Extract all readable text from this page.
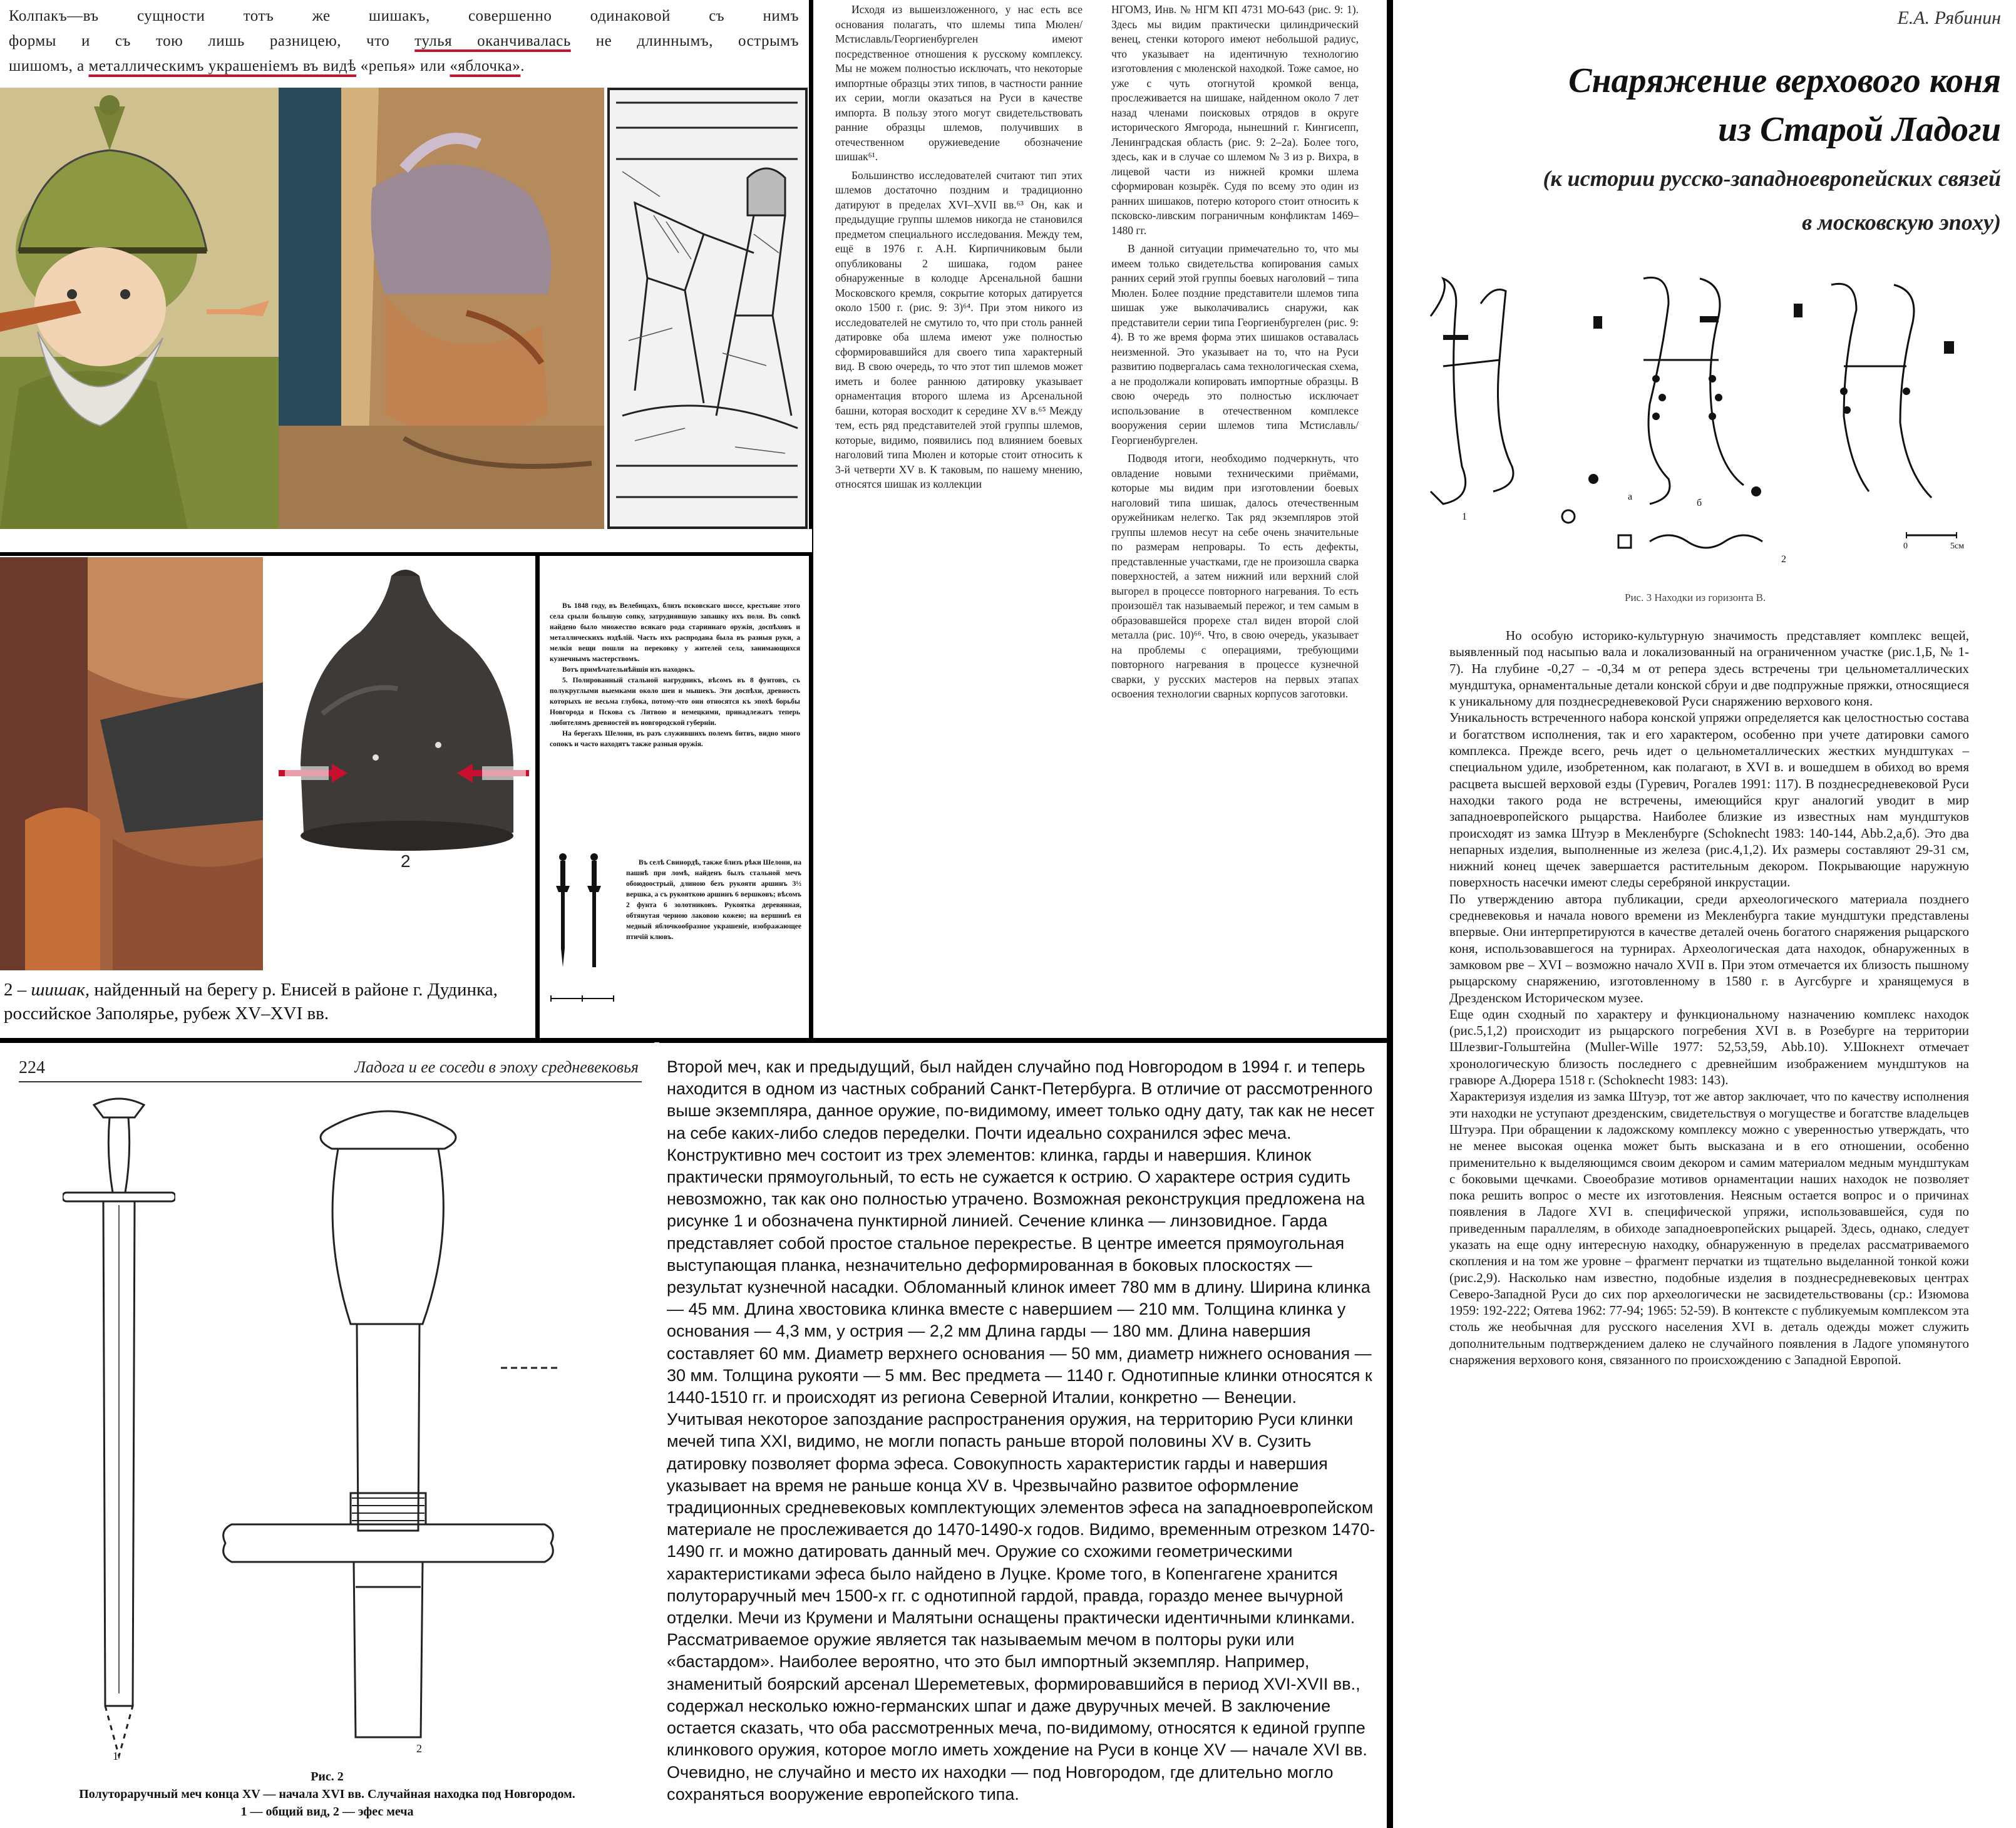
Колпакъ—въ сущности тотъ же шишакъ, совершенно одинаковой съ нимъ
формы и съ тою лишь разницею, что тулья оканчивалась не длиннымъ, острымъ
шишомъ, а металлическимъ украшеніемъ въ видѣ «репья» или «яблочка».
2
2 – шишак, найденный на берегу р. Енисей в районе г. Дудинка, российское Заполярье, рубеж XV–XVI вв.

Въ 1848 году, въ Велебицахъ, близъ псковскаго шоссе, крестьяне этого села срыли большую сопку, затруднявшую запашку ихъ поля. Въ сопкѣ найдено было множество всякаго рода стариннаго оружія, доспѣховъ и металлическихъ издѣлій. Часть ихъ распродана была въ разныя руки, а мелкія вещи пошли на перековку у жителей села, занимающихся кузнечнымъ мастерствомъ.

Вотъ примѣчательнѣйшія изъ находокъ.

5. Полированный стальной нагрудникъ, вѣсомъ въ 8 фунтовъ, съ полукруглыми выемками около шеи и мышекъ. Эти доспѣхи, древность которыхъ не весьма глубока, потому-что они относятся къ эпохѣ борьбы Новгорода и Пскова съ Литвою и немецкими, принадлежатъ теперь любителямъ древностей въ новгородской губерніи.

На берегахъ Шелони, въ разъ служившихъ полемъ битвъ, видно много сопокъ и часто находятъ также разныя оружія.

Въ селѣ Свинордѣ, также близъ рѣки Шелони, на пашнѣ при ломѣ, найденъ былъ стальной мечъ обоюдоострый, длиною безъ рукояти аршинъ 3½ вершка, а съ рукояткою аршинъ 6 вершковъ; вѣсомъ 2 фунта 6 золотниковъ. Рукоятка деревянная, обтянутая черною лаковою кожею; на вершинѣ ея медный яблочкообразное украшеніе, изображающее птичій клювъ.

Исходя из вышеизложенного, у нас есть все основания полагать, что шлемы типа Мюлен/Мстиславль/Георгиенбургелен имеют посредственное отношения к русскому комплексу. Мы не можем полностью исключать, что некоторые импортные образцы этих типов, в частности ранние их серии, могли оказаться на Руси в качестве импорта. В пользу этого могут свидетельствовать ранние образцы шлемов, получивших в отечественном оружиеведение обозначение шишак⁶¹.

Большинство исследователей считают тип этих шлемов достаточно поздним и традиционно датируют в пределах XVI–XVII вв.⁶³ Он, как и предыдущие группы шлемов никогда не становился предметом специального исследования. Между тем, ещё в 1976 г. А.Н. Кирпичниковым были опубликованы 2 шишака, годом ранее обнаруженные в колодце Арсенальной башни Московского кремля, сокрытие которых датируется около 1500 г. (рис. 9: 3)⁶⁴. При этом никого из исследователей не смутило то, что при столь ранней датировке оба шлема имеют уже полностью сформировавшийся для своего типа характерный вид. В свою очередь, то что этот тип шлемов может иметь и более раннюю датировку указывает орнаментация второго шлема из Арсенальной башни, которая восходит к середине XV в.⁶⁵ Между тем, есть ряд представителей этой группы шлемов, которые, видимо, появились под влиянием боевых наголовий типа Мюлен и которые стоит относить к 3-й четверти XV в. К таковым, по нашему мнению, относятся шишак из коллекции

НГОМЗ, Инв. № НГМ КП 4731 МО-643 (рис. 9: 1). Здесь мы видим практически цилиндрический венец, стенки которого имеют небольшой радиус, что указывает на идентичную технологию изготовления с мюленской находкой. Тоже самое, но уже с чуть отогнутой кромкой венца, прослеживается на шишаке, найденном около 7 лет назад членами поисковых отрядов в округе исторического Ямгорода, нынешний г. Кингисепп, Ленинградская область (рис. 9: 2–2а). Более того, здесь, как и в случае со шлемом № 3 из р. Вихра, в лицевой части из нижней кромки шлема сформирован козырёк. Судя по всему это один из ранних шишаков, потерю которого стоит относить к псковско-ливским пограничным конфликтам 1469–1480 гг.

В данной ситуации примечательно то, что мы имеем только свидетельства копирования самых ранних серий этой группы боевых наголовий – типа Мюлен. Более поздние представители шлемов типа шишак уже выколачивались снаружи, как представители серии типа Георгиенбургелен (рис. 9: 4). В то же время форма этих шишаков оставалась неизменной. Это указывает на то, что на Руси развитию подвергалась сама технологическая схема, а не продолжали копировать импортные образцы. В свою очередь это полностью исключает использование в отечественном комплексе вооружения серии шлемов типа Мстиславль/Георгиенбургелен.

Подводя итоги, необходимо подчеркнуть, что овладение новыми техническими приёмами, которые мы видим при изготовлении боевых наголовий типа шишак, далось отечественным оружейникам нелегко. Так ряд экземпляров этой группы шлемов несут на себе очень значительные по размерам непровары. То есть дефекты, представленные участками, где не произошла сварка поверхностей, а затем нижний или верхний слой выгорел в процессе повторного нагревания. То есть произошёл так называемый пережог, и тем самым в образовавшейся прорехе стал виден второй слой металла (рис. 10)⁶⁶. Что, в свою очередь, указывает на проблемы с операциями, требующими повторного нагревания в процессе кузнечной сварки, у русских мастеров на первых этапах освоения технологии сварных корпусов заготовки.

Е.А. Рябинин
Снаряжение верхового коня
из Старой Ладоги
(к истории русско-западноевропейских связей
в московскую эпоху)
1
а
б
2
0	5см
Рис. 3 Находки из горизонта В.
Но особую историко-культурную значимость представляет комплекс вещей, выявленный под насыпью вала и локализованный на ограниченном участке (рис.1,Б, № 1-7). На глубине -0,27 – -0,34 м от репера здесь встречены три цельнометаллических мундштука, орнаментальные детали конской сбруи и две подпружные пряжки, относящиеся к уникальному для позднесредневековой Руси снаряжению верхового коня.
Уникальность встреченного набора конской упряжи определяется как целостностью состава и богатством исполнения, так и его характером, особенно при учете датировки самого комплекса. Прежде всего, речь идет о цельнометаллических жестких мундштуках – специальном удиле, изобретенном, как полагают, в XVI в. и вошедшем в обиход во время расцвета высшей верховой езды (Гуревич, Рогалев 1991: 117). В позднесредневековой Руси находки такого рода не встречены, имеющийся круг аналогий уводит в мир западноевропейского рыцарства. Наиболее близкие из известных нам мундштуков происходят из замка Штуэр в Мекленбурге (Schoknecht 1983: 140-144, Abb.2,а,б). Это два непарных изделия, выполненные из железа (рис.4,1,2). Их размеры составляют 29-31 см, нижний конец щечек завершается растительным декором. Покрывающие наружную поверхность насечки имеют следы серебряной инкрустации.
По утверждению автора публикации, среди археологического материала позднего средневековья и начала нового времени из Мекленбурга такие мундштуки представлены впервые. Они интерпретируются в качестве деталей очень богатого снаряжения рыцарского коня, использовавшегося на турнирах. Археологическая дата находок, обнаруженных в замковом рве – XVI – возможно начало XVII в. При этом отмечается их близость пышному рыцарскому снаряжению, изготовленному в 1580 г. в Аугсбурге и хранящемуся в Дрезденском Историческом музее.
Еще один сходный по характеру и функциональному назначению комплекс находок (рис.5,1,2) происходит из рыцарского погребения XVI в. в Розебурге на территории Шлезвиг-Гольштейна (Muller-Wille 1977: 52,53,59, Abb.10). У.Шокнехт отмечает хронологическую близость последнего с древнейшим изображением мундштуков на гравюре А.Дюрера 1518 г. (Schoknecht 1983: 143).
Характеризуя изделия из замка Штуэр, тот же автор заключает, что по качеству исполнения эти находки не уступают дрезденским, свидетельствуя о могуществе и богатстве владельцев Штуэра. При обращении к ладожскому комплексу можно с уверенностью утверждать, что не менее высокая оценка может быть высказана и в его отношении, особенно применительно к выделяющимся своим декором и самим материалом медным мундштукам с боковыми щечками. Своеобразие мотивов орнаментации наших находок не позволяет пока решить вопрос о месте их изготовления. Неясным остается вопрос и о причинах появления в Ладоге XVI в. специфической упряжи, использовавшейся, судя по приведенным параллелям, в обиходе западноевропейских рыцарей. Здесь, однако, следует указать на еще одну интересную находку, обнаруженную в пределах рассматриваемого скопления и на том же уровне – фрагмент перчатки из тщательно выделанной тонкой кожи (рис.2,9). Насколько нам известно, подобные изделия в позднесредневековых центрах Северо-Западной Руси до сих пор археологически не засвидетельствованы (ср.: Изюмова 1959: 192-222; Оятева 1962: 77-94; 1965: 52-59). В контексте с публикуемым комплексом эта столь же необычная для русского населения XVI в. деталь одежды может служить дополнительным подтверждением далеко не случайного появления в Ладоге упомянутого снаряжения верхового коня, связанного по происхождению с Западной Европой.
224	Ладога и ее соседи в эпоху средневековья
1
2
Рис. 2
Полуторaручный меч конца XV — начала XVI вв. Случайная находка под Новгородом.
1 — общий вид, 2 — эфес меча
Второй меч, как и предыдущий, был найден случайно под Новгородом в 1994 г. и теперь находится в одном из частных собраний Санкт-Петербурга. В отличие от рассмотренного выше экземпляра, данное оружие, по-видимому, имеет только одну дату, так как не несет на себе каких-либо следов переделки. Почти идеально сохранился эфес меча. Конструктивно меч состоит из трех элементов: клинка, гарды и навершия. Клинок практически прямоугольный, то есть не сужается к острию. О характере острия судить невозможно, так как оно полностью утрачено. Возможная реконструкция предложена на рисунке 1 и обозначена пунктирной линией. Сечение клинка — линзовидное. Гарда представляет собой простое стальное перекрестье. В центре имеется прямоугольная выступающая планка, незначительно деформированная в боковых плоскостях — результат кузнечной насадки. Обломанный клинок имеет 780 мм в длину. Ширина клинка — 45 мм. Длина хвостовика клинка вместе с навершием — 210 мм. Толщина клинка у основания — 4,3 мм, у острия — 2,2 мм Длина гарды — 180 мм. Длина навершия составляет 60 мм. Диаметр верхнего основания — 50 мм, диаметр нижнего основания — 30 мм. Толщина рукояти — 5 мм. Вес предмета — 1140 г. Однотипные клинки относятся к 1440-1510 гг. и происходят из региона Северной Италии, конкретно — Венеции. Учитывая некоторое запоздание распространения оружия, на территорию Руси клинки мечей типа XXI, видимо, не могли попасть раньше второй половины XV в. Сузить датировку позволяет форма эфеса. Совокупность характеристик гарды и навершия указывает на время не раньше конца XV в. Чрезвычайно развитое оформление традиционных средневековых комплектующих элементов эфеса на западноевропейском материале не прослеживается до 1470-1490-х годов. Видимо, временным отрезком 1470-1490 гг. и можно датировать данный меч. Оружие со схожими геометрическими характеристиками эфеса было найдено в Луцке. Кроме того, в Копенгагене хранится полуторaручный меч 1500-х гг. с однотипной гардой, правда, гораздо менее вычурной отделки. Мечи из Крумени и Малятыни оснащены практически идентичными клинками. Рассматриваемое оружие является так называемым мечом в полторы руки или «бастардом». Наиболее вероятно, что это был импортный экземпляр. Например, знаменитый боярский арсенал Шереметевых, формировавшийся в период XVI-XVII вв., содержал несколько южно-германских шпаг и даже двуручных мечей. В заключение остается сказать, что оба рассмотренных меча, по-видимому, относятся к единой группе клинкового оружия, которое могло иметь хождение на Руси в конце XV — начале XVI вв. Очевидно, не случайно и место их находки — под Новгородом, где длительно могло сохраняться вооружение европейского типа.
